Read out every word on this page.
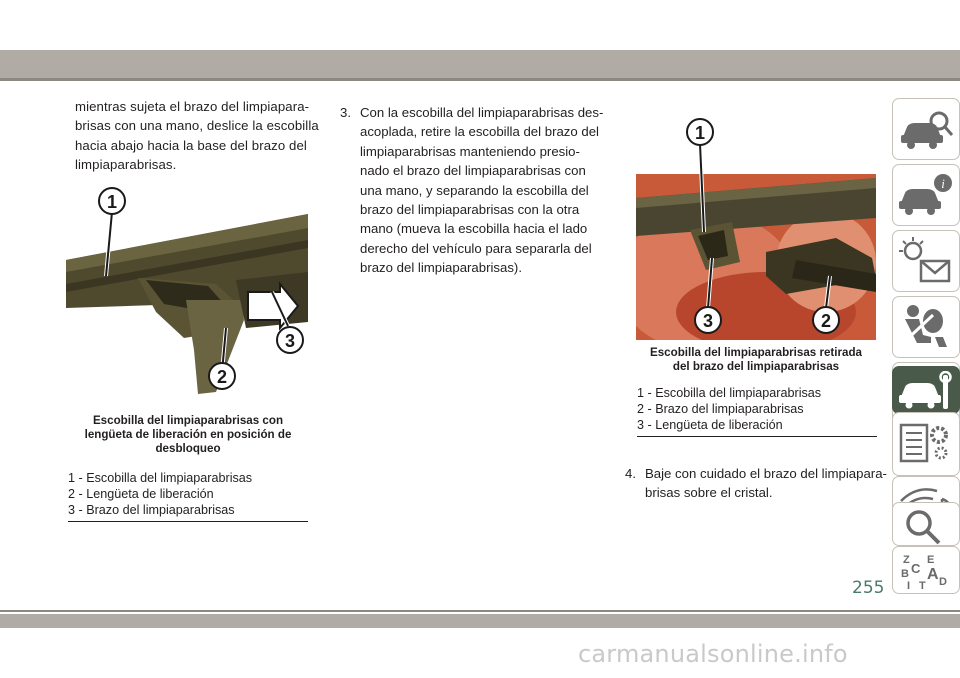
mientras sujeta el brazo del limpiapara-
brisas con una mano, deslice la escobilla
hacia abajo hacia la base del brazo del
limpiaparabrisas.
1
2
3
Escobilla del limpiaparabrisas con
lengüeta de liberación en posición de
desbloqueo
1 - Escobilla del limpiaparabrisas
2 - Lengüeta de liberación
3 - Brazo del limpiaparabrisas
3. Con la escobilla del limpiaparabrisas des-
acoplada, retire la escobilla del brazo del
limpiaparabrisas manteniendo presio-
nado el brazo del limpiaparabrisas con
una mano, y separando la escobilla del
brazo del limpiaparabrisas con la otra
mano (mueva la escobilla hacia el lado
derecho del vehículo para separarla del
brazo del limpiaparabrisas).
1
3	2
Escobilla del limpiaparabrisas retirada
del brazo del limpiaparabrisas
1 - Escobilla del limpiaparabrisas
2 - Brazo del limpiaparabrisas
3 - Lengüeta de liberación
4. Baje con cuidado el brazo del limpiapara-
brisas sobre el cristal.
i
Z E
B A
C
D
I T
255
carmanualsonline.info
